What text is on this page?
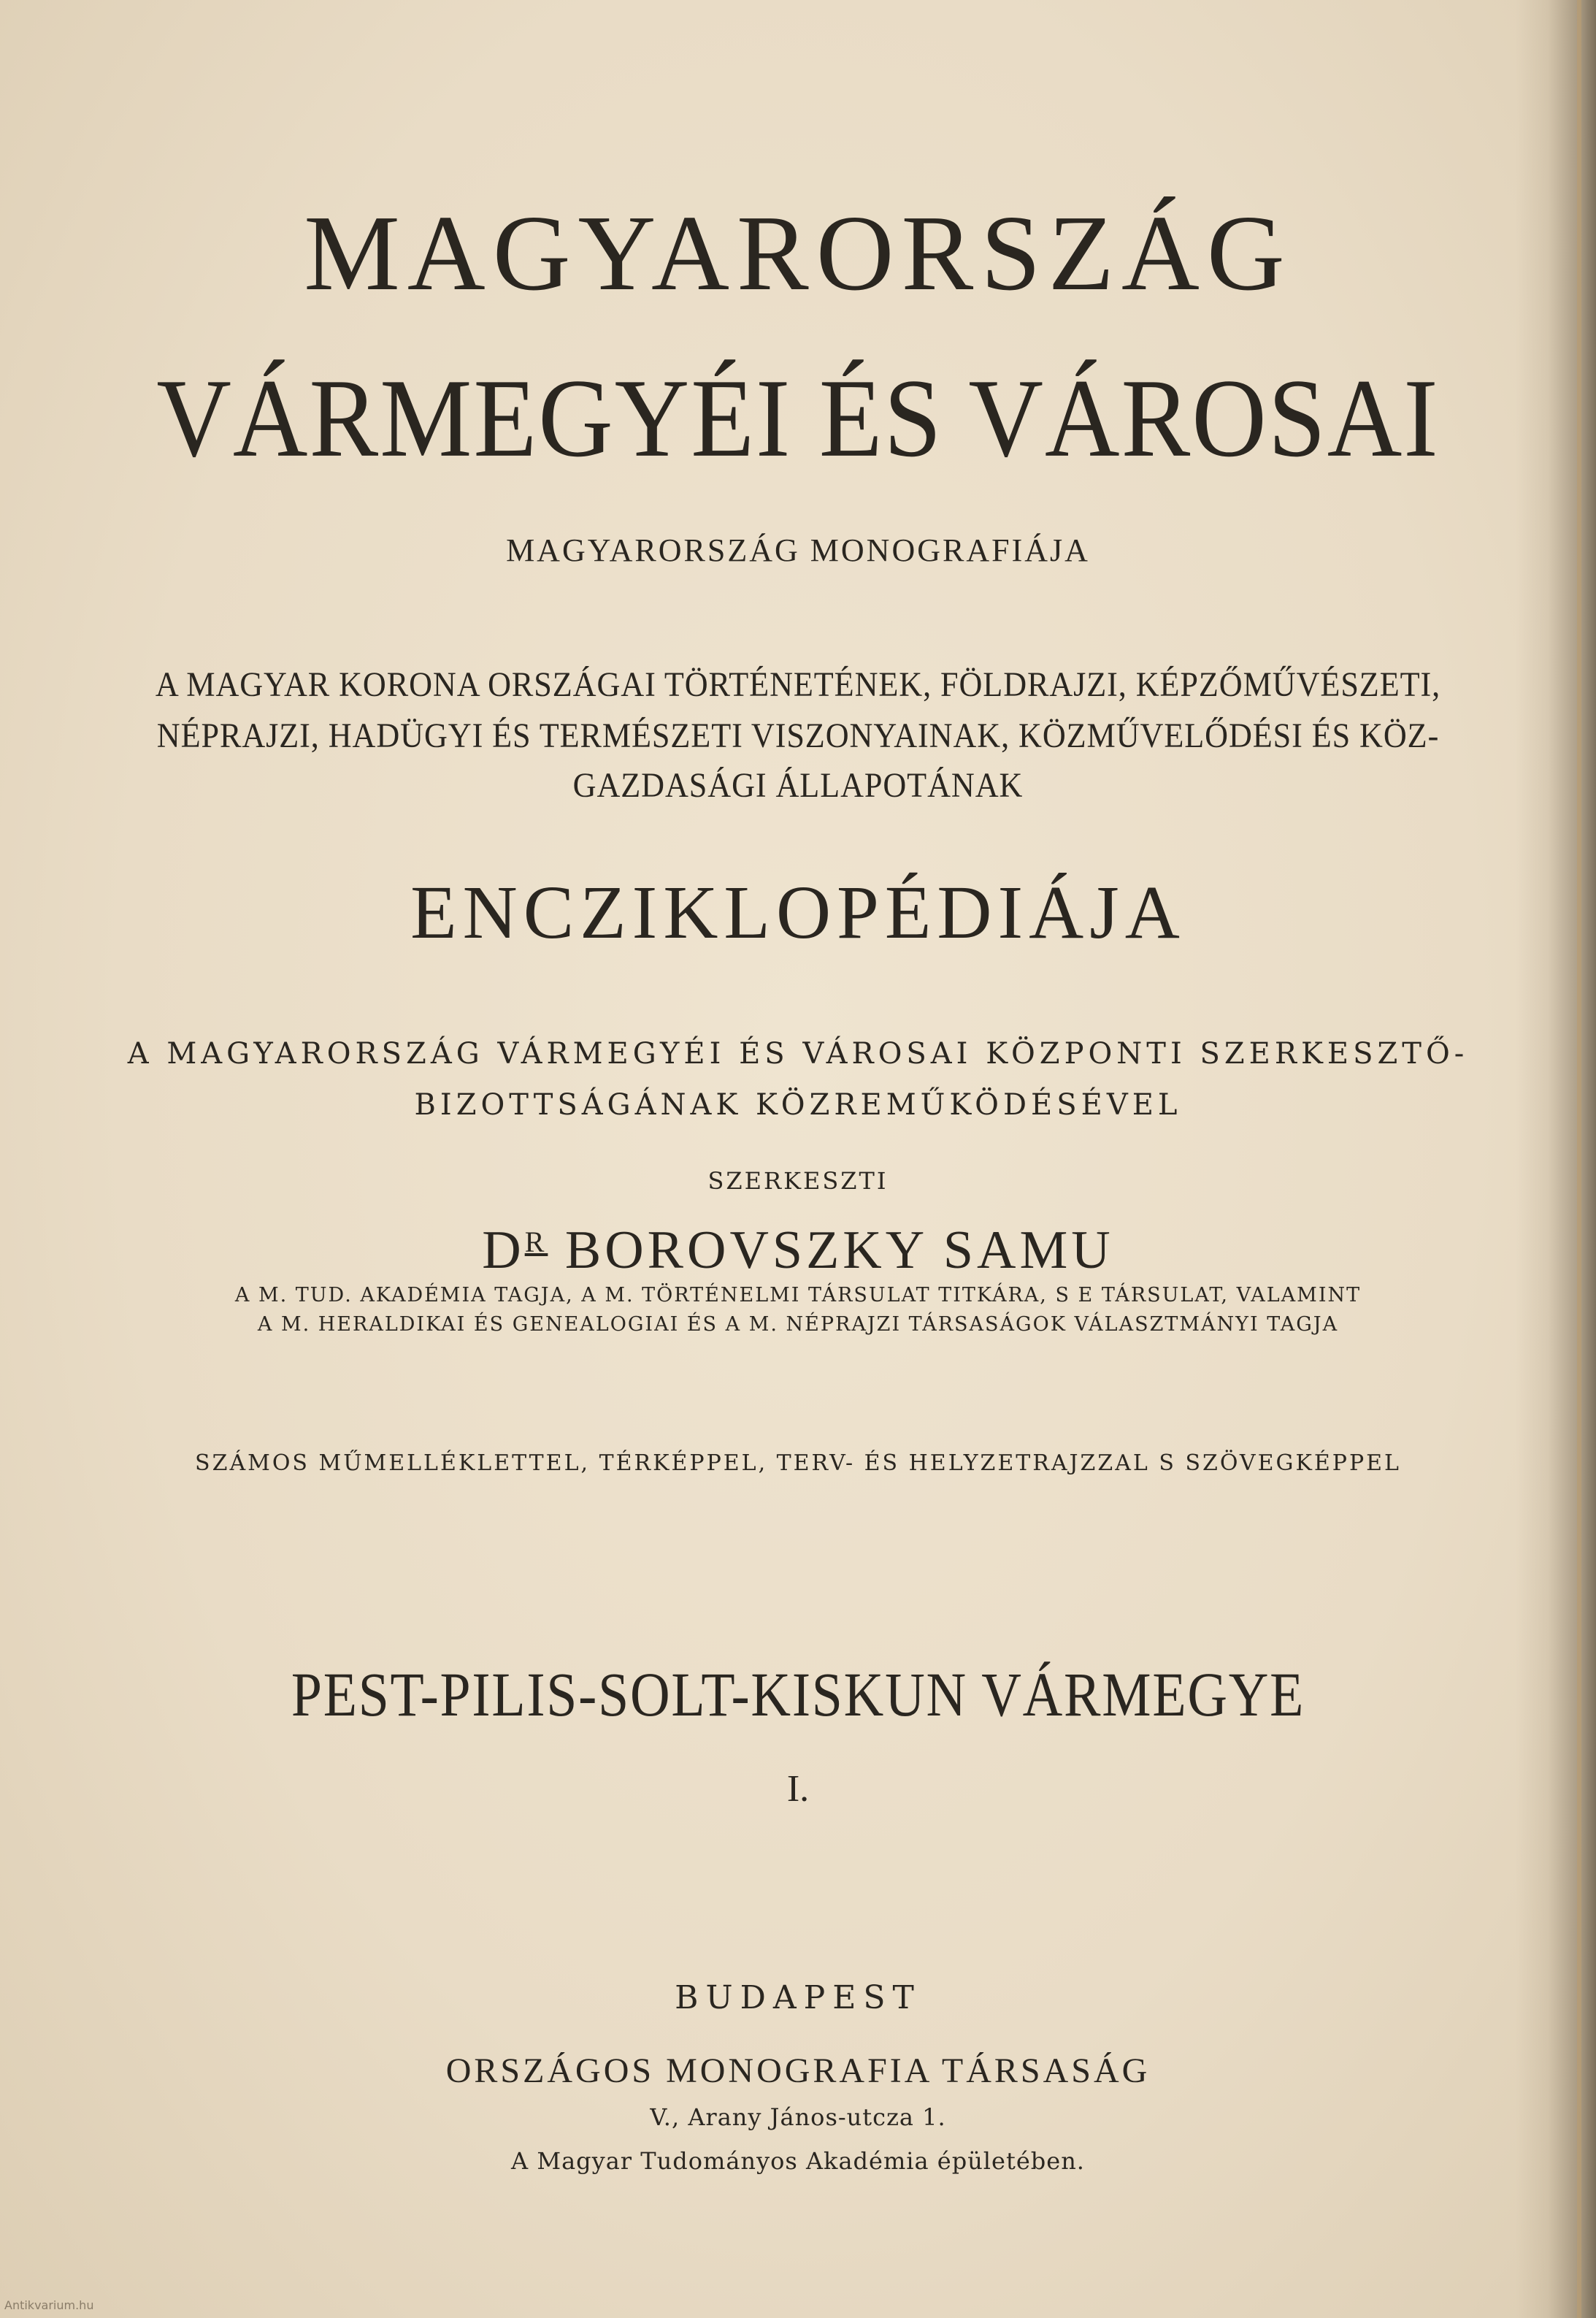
MAGYARORSZÁG
VÁRMEGYÉI ÉS VÁROSAI
MAGYARORSZÁG MONOGRAFIÁJA
A MAGYAR KORONA ORSZÁGAI TÖRTÉNETÉNEK, FÖLDRAJZI, KÉPZŐMŰVÉSZETI,
NÉPRAJZI, HADÜGYI ÉS TERMÉSZETI VISZONYAINAK, KÖZMŰVELŐDÉSI ÉS KÖZ-
GAZDASÁGI ÁLLAPOTÁNAK
ENCZIKLOPÉDIÁJA
A MAGYARORSZÁG VÁRMEGYÉI ÉS VÁROSAI KÖZPONTI SZERKESZTŐ-
BIZOTTSÁGÁNAK KÖZREMŰKÖDÉSÉVEL
SZERKESZTI
$D^R$ BOROVSZKY SAMU
A M. TUD. AKADÉMIA TAGJA, A M. TÖRTÉNELMI TÁRSULAT TITKÁRA, S E TÁRSULAT, VALAMINT
A M. HERALDIKAI ÉS GENEALOGIAI ÉS A M. NÉPRAJZI TÁRSASÁGOK VÁLASZTMÁNYI TAGJA
SZÁMOS MŰMELLÉKLETTEL, TÉRKÉPPEL, TERV- ÉS HELYZETRAJZZAL S SZÖVEGKÉPPEL
PEST-PILIS-SOLT-KISKUN VÁRMEGYE
I.
BUDAPEST
ORSZÁGOS MONOGRAFIA TÁRSASÁG
V., Arany János-utcza 1.
A Magyar Tudományos Akadémia épületében.
Antikvarium.hu
